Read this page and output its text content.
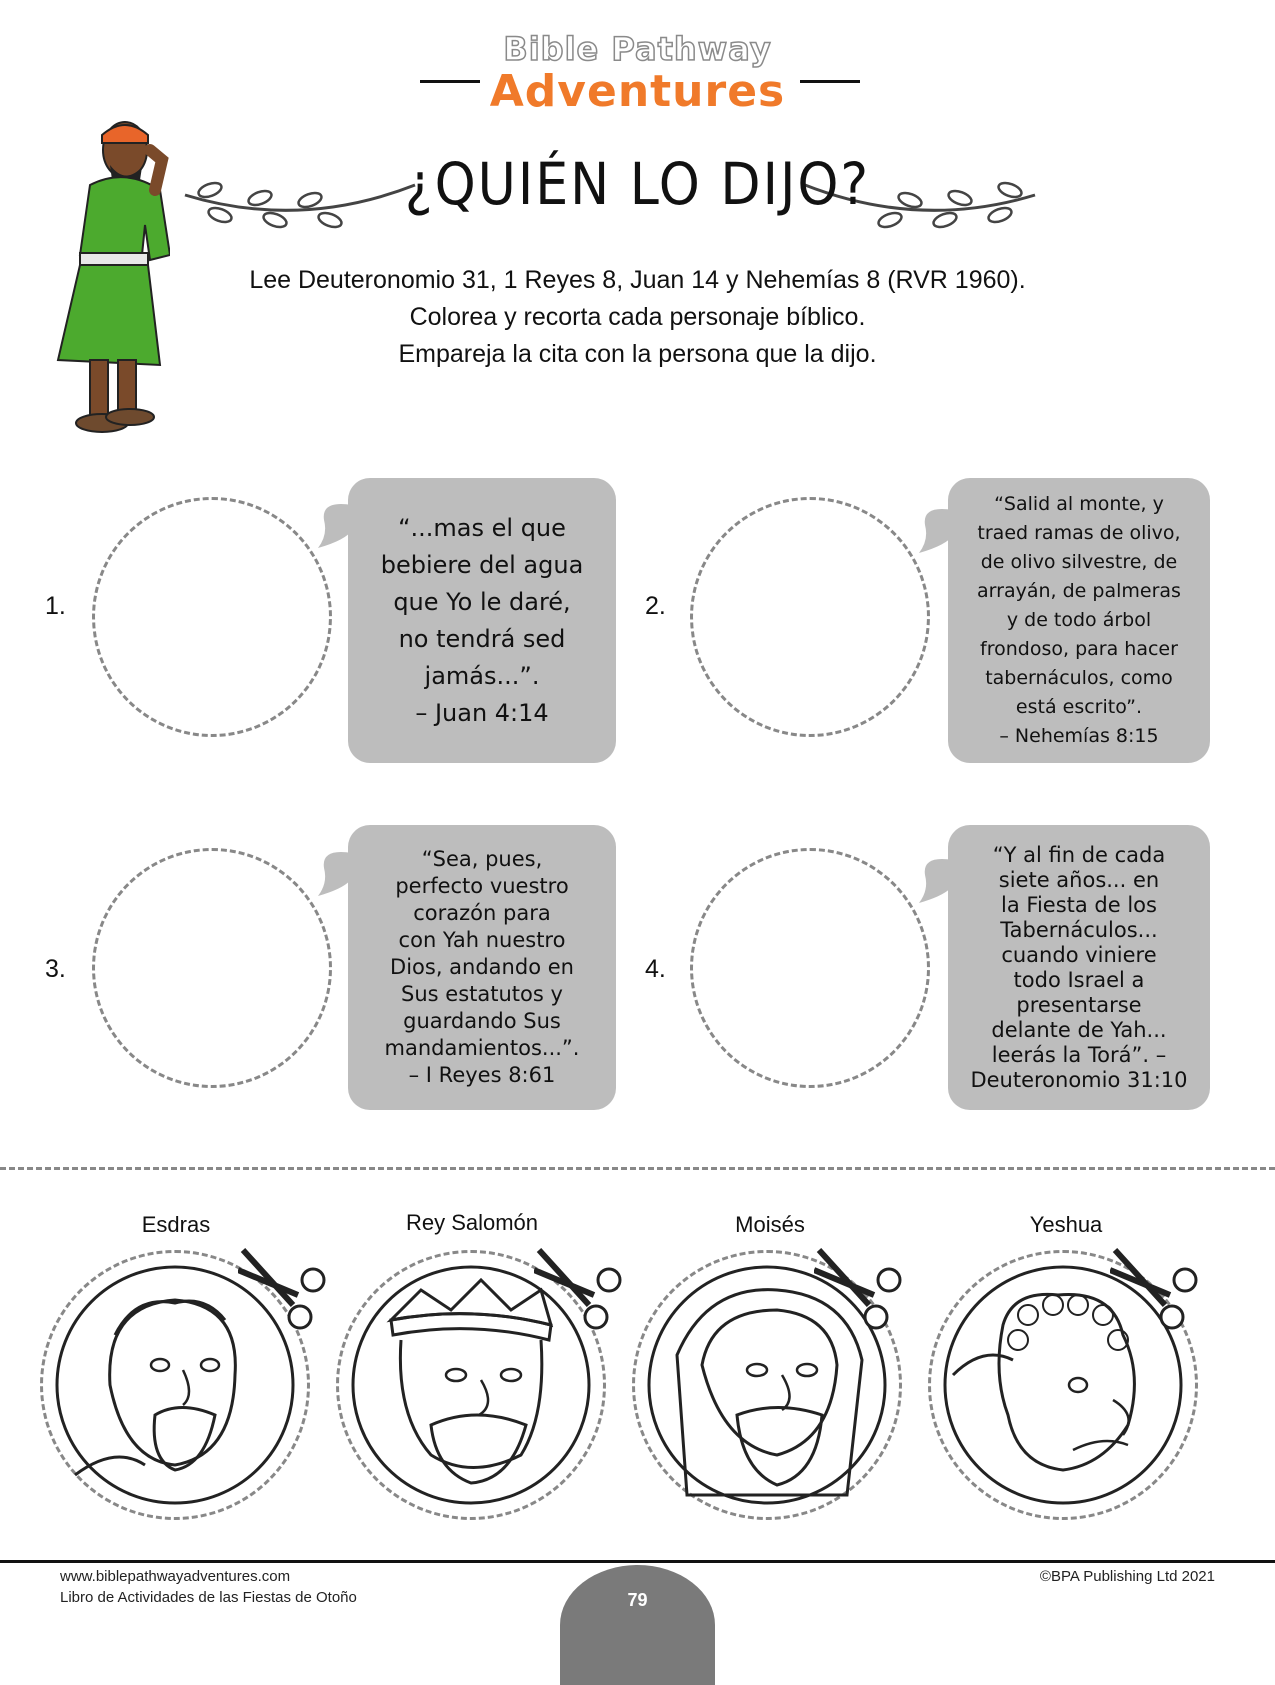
Bible Pathway
Adventures
¿QUIÉN LO DIJO?
Lee Deuteronomio 31, 1 Reyes 8, Juan 14 y Nehemías 8 (RVR 1960).
Colorea y recorta cada personaje bíblico.
Empareja la cita con la persona que la dijo.
1.
“...mas el que
bebiere del agua
que Yo le daré,
no tendrá sed
jamás...”.
– Juan 4:14
2.
“Salid al monte, y
traed ramas de olivo,
de olivo silvestre, de
arrayán, de palmeras
y de todo árbol
frondoso, para hacer
tabernáculos, como
está escrito”.
– Nehemías 8:15
3.
“Sea, pues,
perfecto vuestro
corazón para
con Yah nuestro
Dios, andando en
Sus estatutos y
guardando Sus
mandamientos...”.
– I Reyes 8:61
4.
“Y al fin de cada
siete años... en
la Fiesta de los
Tabernáculos...
cuando viniere
todo Israel a
presentarse
delante de Yah...
leerás la Torá”. –
Deuteronomio 31:10
Esdras	Rey Salomón	Moisés	Yeshua
www.biblepathwayadventures.com
Libro de Actividades de las Fiestas de Otoño
©BPA Publishing Ltd 2021
79
